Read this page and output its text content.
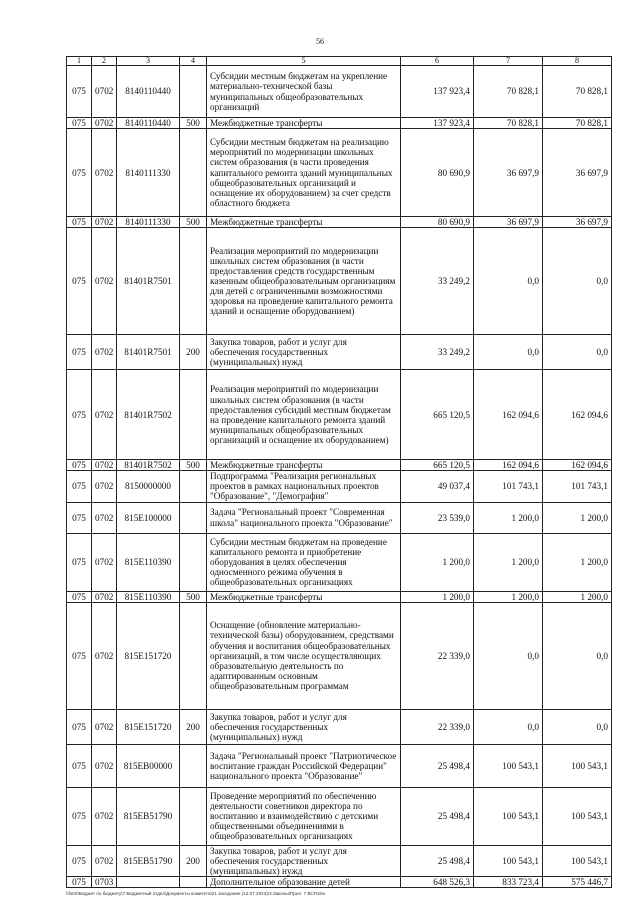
56
1	2	3	4	5	6	7	8
075	0702	8140110440		Субсидии местным бюджетам на укрепление материально-технической базы муниципальных общеобразовательных организаций	137 923,4	70 828,1	70 828,1
075	0702	8140110440	500	Межбюджетные трансферты	137 923,4	70 828,1	70 828,1
075	0702	8140111330		Субсидии местным бюджетам на реализацию мероприятий по модернизации школьных систем образования (в части проведения капитального ремонта зданий муниципальных общеобразовательных организаций и оснащение их оборудованием) за счет средств областного бюджета	80 690,9	36 697,9	36 697,9
075	0702	8140111330	500	Межбюджетные трансферты	80 690,9	36 697,9	36 697,9
075	0702	81401R7501		Реализация мероприятий по модернизации школьных систем образования (в части предоставления средств государственным казенным общеобразовательным организациям для детей с ограниченными возможностями здоровья на проведение капитального ремонта зданий и оснащение оборудованием)	33 249,2	0,0	0,0
075	0702	81401R7501	200	Закупка товаров, работ и услуг для обеспечения государственных (муниципальных) нужд	33 249,2	0,0	0,0
075	0702	81401R7502		Реализация мероприятий по модернизации школьных систем образования (в части предоставления субсидий местным бюджетам на проведение капитального ремонта зданий муниципальных общеобразовательных организаций и оснащение их оборудованием)	665 120,5	162 094,6	162 094,6
075	0702	81401R7502	500	Межбюджетные трансферты	665 120,5	162 094,6	162 094,6
075	0702	8150000000		Подпрограмма "Реализация региональных проектов в рамках национальных проектов "Образование", "Демография"	49 037,4	101 743,1	101 743,1
075	0702	815E100000		Задача "Региональный проект "Современная школа" национального проекта "Образование"	23 539,0	1 200,0	1 200,0
075	0702	815E110390		Субсидии местным бюджетам на проведение капитального ремонта и приобретение оборудования в целях обеспечения односменного режима обучения в общеобразовательных организациях	1 200,0	1 200,0	1 200,0
075	0702	815E110390	500	Межбюджетные трансферты	1 200,0	1 200,0	1 200,0
075	0702	815E151720		Оснащение (обновление материально-технической базы) оборудованием, средствами обучения и воспитания общеобразовательных организаций, в том числе осуществляющих образовательную деятельность по адаптированным основным общеобразовательным программам	22 339,0	0,0	0,0
075	0702	815E151720	200	Закупка товаров, работ и услуг для обеспечения государственных (муниципальных) нужд	22 339,0	0,0	0,0
075	0702	815EB00000		Задача "Региональный проект "Патриотическое воспитание граждан Российской Федерации" национального проекта "Образование"	25 498,4	100 543,1	100 543,1
075	0702	815EB51790		Проведение мероприятий по обеспечению деятельности советников директора по воспитанию и взаимодействию с детскими общественными объединениями в общеобразовательных организациях	25 498,4	100 543,1	100 543,1
075	0702	815EB51790	200	Закупка товаров, работ и услуг для обеспечения государственных (муниципальных) нужд	25 498,4	100 543,1	100 543,1
075	0703			Дополнительное образование детей	648 526,3	833 723,4	575 446,7
\\fs02\Бюджет по бюджету\7 Бюджетный отдел\Документы комитета\21 заседание (12.07.2023)\3.Законы\Прил. 7 ВСР.xlsx
